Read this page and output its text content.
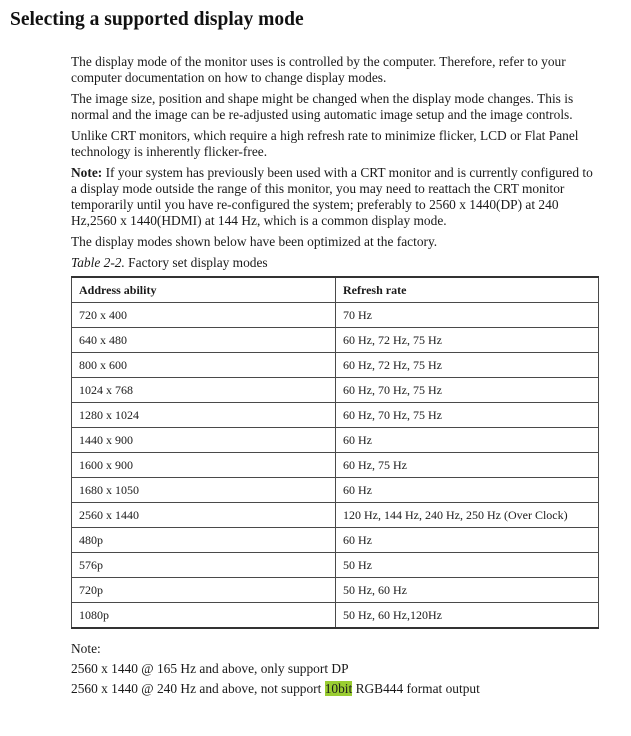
Selecting a supported display mode

The display mode of the monitor uses is controlled by the computer. Therefore, refer to your computer documentation on how to change display modes.

The image size, position and shape might be changed when the display mode changes. This is normal and the image can be re-adjusted using automatic image setup and the image controls.

Unlike CRT monitors, which require a high refresh rate to minimize flicker, LCD or Flat Panel technology is inherently flicker-free.

Note: If your system has previously been used with a CRT monitor and is currently configured to a display mode outside the range of this monitor, you may need to reattach the CRT monitor temporarily until you have re-configured the system; preferably to 2560 x 1440(DP) at 240 Hz,2560 x 1440(HDMI) at 144 Hz, which is a common display mode.

The display modes shown below have been optimized at the factory.

Table 2-2. Factory set display modes

Address ability	Refresh rate
720 x 400	70 Hz
640 x 480	60 Hz, 72 Hz, 75 Hz
800 x 600	60 Hz, 72 Hz, 75 Hz
1024 x 768	60 Hz, 70 Hz, 75 Hz
1280 x 1024	60 Hz, 70 Hz, 75 Hz
1440 x 900	60 Hz
1600 x 900	60 Hz, 75 Hz
1680 x 1050	60 Hz
2560 x 1440	120 Hz, 144 Hz, 240 Hz, 250 Hz (Over Clock)
480p	60 Hz
576p	50 Hz
720p	50 Hz, 60 Hz
1080p	50 Hz, 60 Hz,120Hz
Note:
2560 x 1440 @ 165 Hz and above, only support DP
2560 x 1440 @ 240 Hz and above, not support 10bit RGB444 format output
